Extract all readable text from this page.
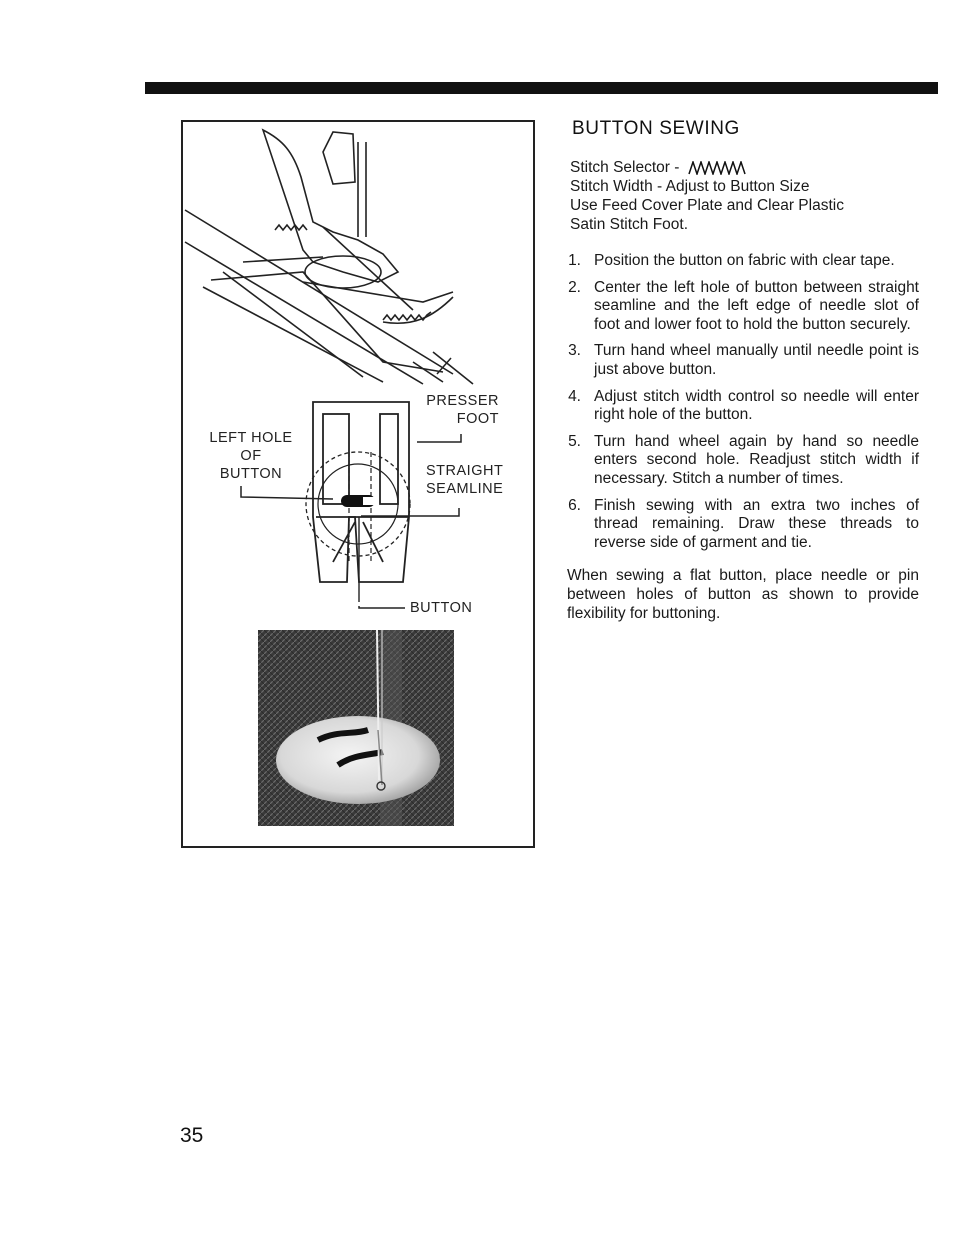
LEFT HOLE
OF
BUTTON
PRESSER
FOOT
STRAIGHT
SEAMLINE
BUTTON
BUTTON SEWING
Stitch Selector -
Stitch Width - Adjust to Button Size
Use Feed Cover Plate and Clear Plastic
Satin Stitch Foot.
1. Position the button on fabric with clear tape.
2. Center the left hole of button between straight seamline and the left edge of needle slot of foot and lower foot to hold the button securely.
3. Turn hand wheel manually until needle point is just above button.
4. Adjust stitch width control so needle will enter right hole of the button.
5. Turn hand wheel again by hand so needle enters second hole. Readjust stitch width if necessary. Stitch a number of times.
6. Finish sewing with an extra two inches of thread remaining. Draw these threads to reverse side of garment and tie.

When sewing a flat button, place needle or pin between holes of button as shown to provide flexibility for buttoning.

35
